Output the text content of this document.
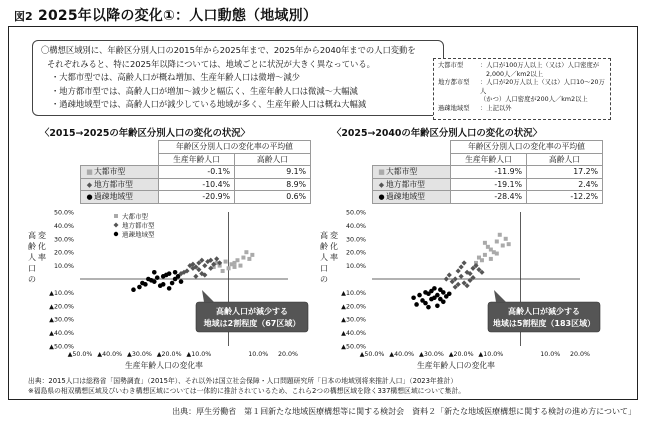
図2 2025年以降の変化①：人口動態（地域別）
〇構想区域別に、年齢区分別人口の2015年から2025年まで、2025年から2040年までの人口変動を
それぞれみると、特に2025年以降については、地域ごとに状況が大きく異なっている。
・大都市型では、高齢人口が概ね増加、生産年齢人口は微増～減少
・地方都市型では、高齢人口が増加～減少と幅広く、生産年齢人口は微減～大幅減
・過疎地域型では、高齢人口が減少している地域が多く、生産年齢人口は概ね大幅減
大都市型	：人口が100万人以上（又は）人口密度が
2,000人／km2以上
地方都市型	：人口が20万人以上（又は）人口10～20万人
（かつ）人口密度が200人／km2以上
過疎地域型	：上記以外
〈2015→2025の年齢区分別人口の変化の状況〉
	年齢区分別人口の変化率の平均値	
	生産年齢人口	高齢人口
■大都市型	-0.1%	9.1%
◆ 地方都市型	-10.4%	8.9%
●過疎地域型	-20.9%	0.6%
〈2025→2040の年齢区分別人口の変化の状況〉
	年齢区分別人口の変化率の平均値	
	生産年齢人口	高齢人口
■大都市型	-11.9%	17.2%
◆ 地方都市型	-19.1%	2.4%
●過疎地域型	-28.4%	-12.2%
50.0%
40.0%
30.0%
20.0%
10.0%
▲10.0%
▲20.0%
▲30.0%
▲40.0%
▲50.0%
▲50.0% ▲40.0% ▲30.0% ▲20.0% ▲10.0%	10.0% 20.0%
生産年齢人口の変化率
高
齢
人
口
の
変
化
率
大都市型
地方都市型
過疎地域型
高齢人口が減少する
地域は2割程度（67区域）
50.0%
40.0%
30.0%
20.0%
10.0%
▲10.0%
▲20.0%
▲30.0%
▲40.0%
▲50.0%
▲50.0% ▲40.0% ▲30.0% ▲20.0% ▲10.0%	10.0% 20.0%
生産年齢人口の変化率
高
齢
人
口
の
変
化
率
高齢人口が減少する
地域は5割程度（183区域）
出典：2015人口は総務省「国勢調査」（2015年）、それ以外は国立社会保障・人口問題研究所「日本の地域別将来推計人口」（2023年推計）
※福島県の相双構想区域及びいわき構想区域については一体的に推計されているため、これら2つの構想区域を除く337構想区域について集計。
出典：厚生労働省　第１回新たな地域医療構想等に関する検討会　資料２「新たな地域医療構想に関する検討の進め方について」
